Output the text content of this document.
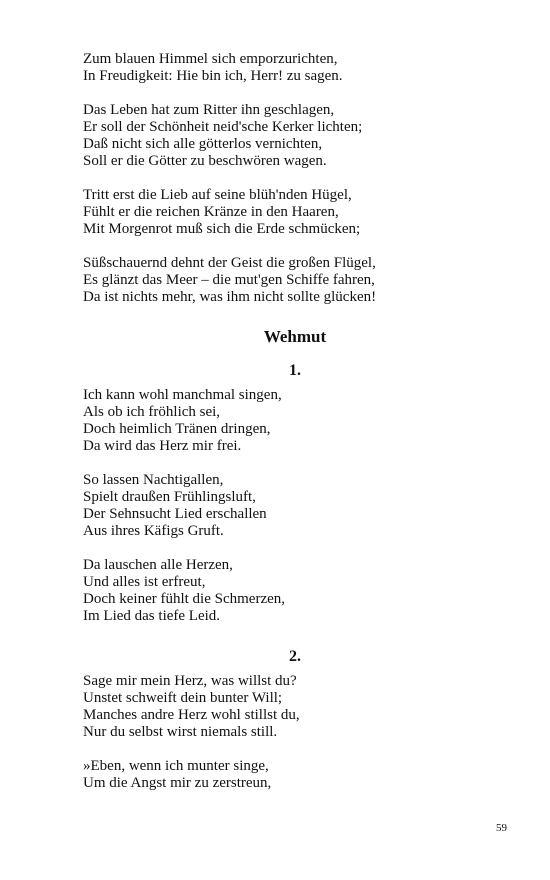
Zum blauen Himmel sich emporzurichten,
In Freudigkeit: Hie bin ich, Herr! zu sagen.
Das Leben hat zum Ritter ihn geschlagen,
Er soll der Schönheit neid'sche Kerker lichten;
Daß nicht sich alle götterlos vernichten,
Soll er die Götter zu beschwören wagen.
Tritt erst die Lieb auf seine blüh'nden Hügel,
Fühlt er die reichen Kränze in den Haaren,
Mit Morgenrot muß sich die Erde schmücken;
Süßschauernd dehnt der Geist die großen Flügel,
Es glänzt das Meer – die mut'gen Schiffe fahren,
Da ist nichts mehr, was ihm nicht sollte glücken!
Wehmut
1.
Ich kann wohl manchmal singen,
Als ob ich fröhlich sei,
Doch heimlich Tränen dringen,
Da wird das Herz mir frei.
So lassen Nachtigallen,
Spielt draußen Frühlingsluft,
Der Sehnsucht Lied erschallen
Aus ihres Käfigs Gruft.
Da lauschen alle Herzen,
Und alles ist erfreut,
Doch keiner fühlt die Schmerzen,
Im Lied das tiefe Leid.
2.
Sage mir mein Herz, was willst du?
Unstet schweift dein bunter Will;
Manches andre Herz wohl stillst du,
Nur du selbst wirst niemals still.
»Eben, wenn ich munter singe,
Um die Angst mir zu zerstreun,
59
